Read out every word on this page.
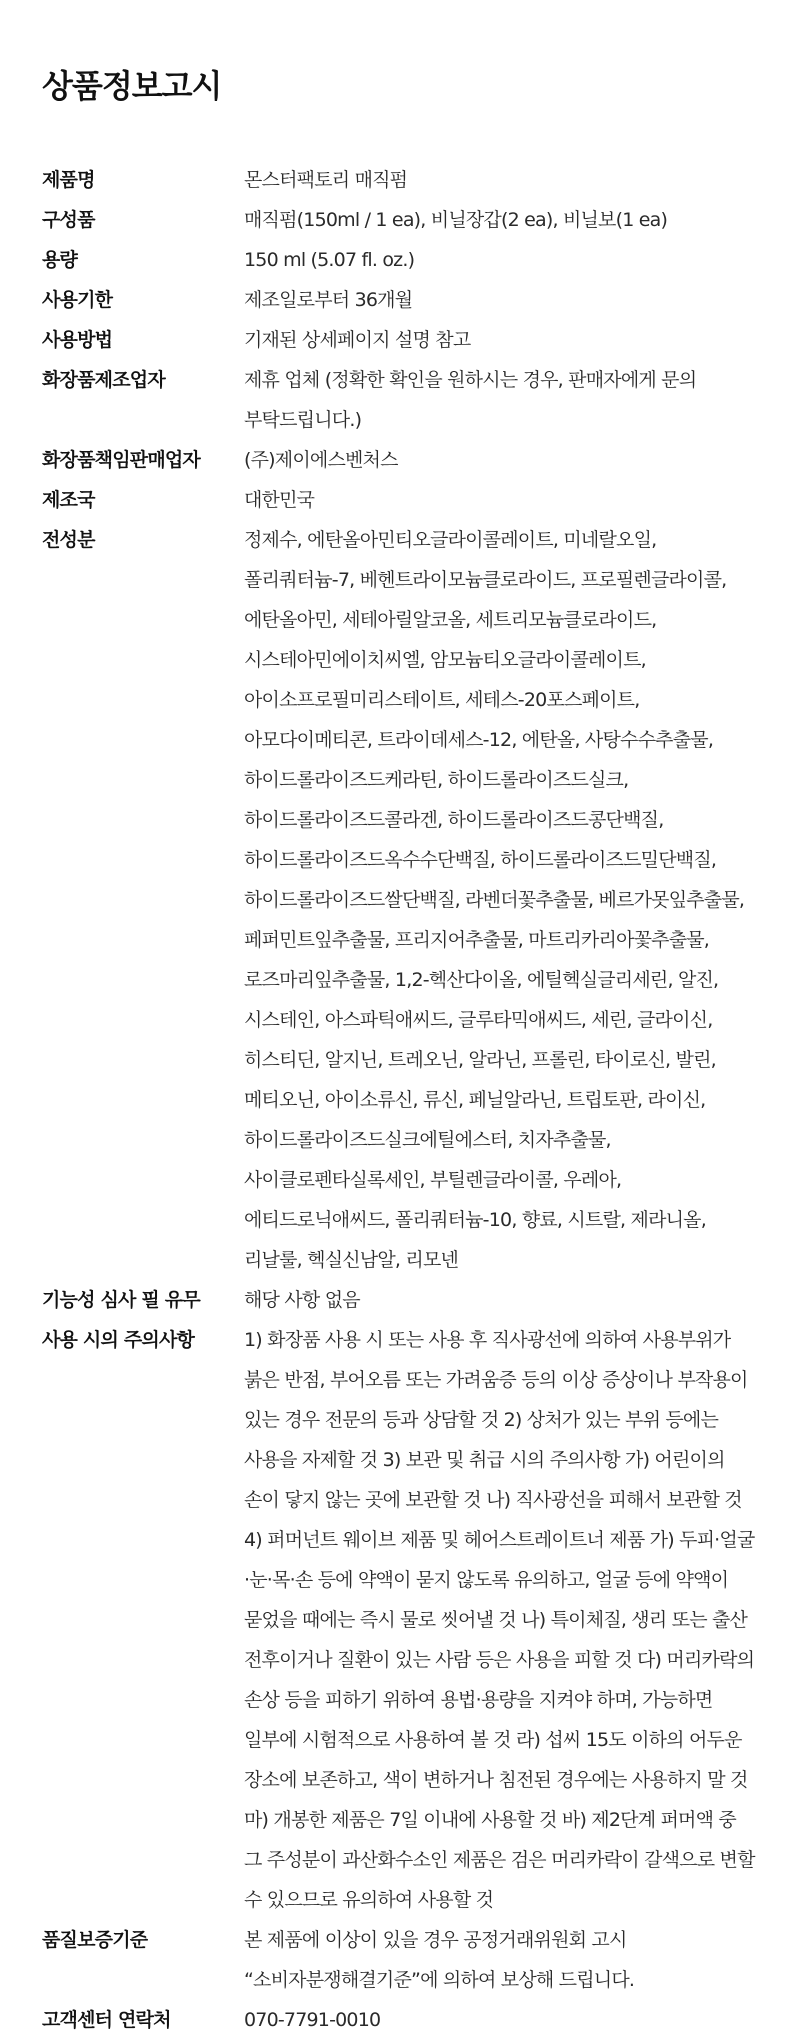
상품정보고시
제품명	몬스터팩토리 매직펌
구성품	매직펌(150ml / 1 ea), 비닐장갑(2 ea), 비닐보(1 ea)
용량	150 ml (5.07 fl. oz.)
사용기한	제조일로부터 36개월
사용방법	기재된 상세페이지 설명 참고
화장품제조업자	제휴 업체 (정확한 확인을 원하시는 경우, 판매자에게 문의 부탁드립니다.)
화장품책임판매업자	(주)제이에스벤처스
제조국	대한민국
전성분	정제수, 에탄올아민티오글라이콜레이트, 미네랄오일, 폴리쿼터늄-7, 베헨트라이모늄클로라이드, 프로필렌글라이콜, 에탄올아민, 세테아릴알코올, 세트리모늄클로라이드, 시스테아민에이치씨엘, 암모늄티오글라이콜레이트, 아이소프로필미리스테이트, 세테스-20포스페이트, 아모다이메티콘, 트라이데세스-12, 에탄올, 사탕수수추출물, 하이드롤라이즈드케라틴, 하이드롤라이즈드실크, 하이드롤라이즈드콜라겐, 하이드롤라이즈드콩단백질, 하이드롤라이즈드옥수수단백질, 하이드롤라이즈드밀단백질, 하이드롤라이즈드쌀단백질, 라벤더꽃추출물, 베르가못잎추출물, 페퍼민트잎추출물, 프리지어추출물, 마트리카리아꽃추출물, 로즈마리잎추출물, 1,2-헥산다이올, 에틸헥실글리세린, 알진, 시스테인, 아스파틱애씨드, 글루타믹애씨드, 세린, 글라이신, 히스티딘, 알지닌, 트레오닌, 알라닌, 프롤린, 타이로신, 발린, 메티오닌, 아이소류신, 류신, 페닐알라닌, 트립토판, 라이신, 하이드롤라이즈드실크에틸에스터, 치자추출물, 사이클로펜타실록세인, 부틸렌글라이콜, 우레아, 에티드로닉애씨드, 폴리쿼터늄-10, 향료, 시트랄, 제라니올, 리날룰, 헥실신남알, 리모넨
기능성 심사 필 유무	해당 사항 없음
사용 시의 주의사항	1) 화장품 사용 시 또는 사용 후 직사광선에 의하여 사용부위가 붉은 반점, 부어오름 또는 가려움증 등의 이상 증상이나 부작용이 있는 경우 전문의 등과 상담할 것 2) 상처가 있는 부위 등에는 사용을 자제할 것 3) 보관 및 취급 시의 주의사항 가) 어린이의 손이 닿지 않는 곳에 보관할 것 나) 직사광선을 피해서 보관할 것 4) 퍼머넌트 웨이브 제품 및 헤어스트레이트너 제품 가) 두피·얼굴·눈·목·손 등에 약액이 묻지 않도록 유의하고, 얼굴 등에 약액이 묻었을 때에는 즉시 물로 씻어낼 것 나) 특이체질, 생리 또는 출산 전후이거나 질환이 있는 사람 등은 사용을 피할 것 다) 머리카락의 손상 등을 피하기 위하여 용법·용량을 지켜야 하며, 가능하면 일부에 시험적으로 사용하여 볼 것 라) 섭씨 15도 이하의 어두운 장소에 보존하고, 색이 변하거나 침전된 경우에는 사용하지 말 것 마) 개봉한 제품은 7일 이내에 사용할 것 바) 제2단계 퍼머액 중 그 주성분이 과산화수소인 제품은 검은 머리카락이 갈색으로 변할 수 있으므로 유의하여 사용할 것
품질보증기준	본 제품에 이상이 있을 경우 공정거래위원회 고시 “소비자분쟁해결기준”에 의하여 보상해 드립니다.
고객센터 연락처	070-7791-0010
